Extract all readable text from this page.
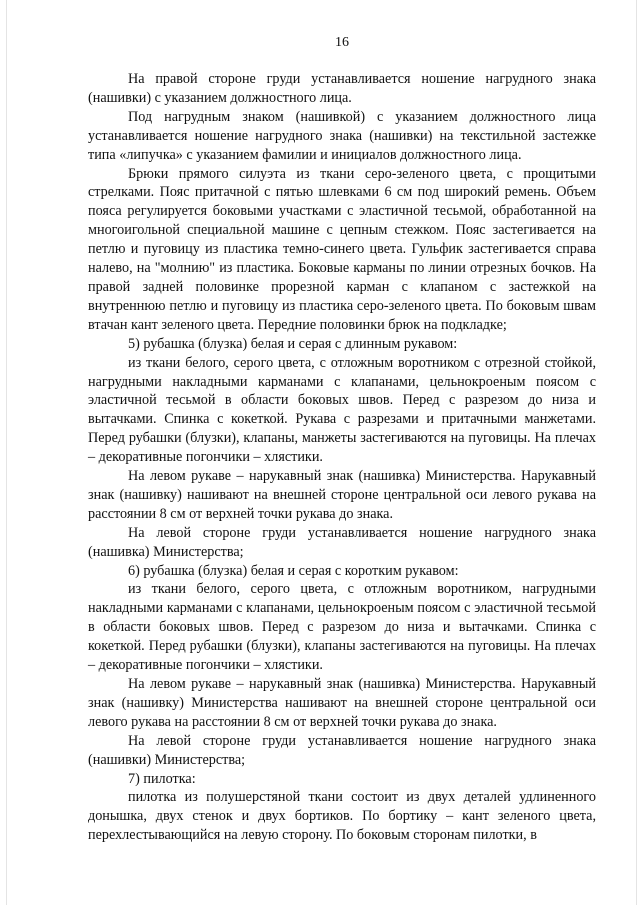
16

На правой стороне груди устанавливается ношение нагрудного знака (нашивки) с указанием должностного лица.

Под нагрудным знаком (нашивкой) с указанием должностного лица устанавливается ношение нагрудного знака (нашивки) на текстильной застежке типа «липучка» с указанием фамилии и инициалов должностного лица.

Брюки прямого силуэта из ткани серо-зеленого цвета, с прощитыми стрелками. Пояс притачной с пятью шлевками 6 см под широкий ремень. Объем пояса регулируется боковыми участками с эластичной тесьмой, обработанной на многоигольной специальной машине с цепным стежком. Пояс застегивается на петлю и пуговицу из пластика темно-синего цвета. Гульфик застегивается справа налево, на "молнию" из пластика. Боковые карманы по линии отрезных бочков. На правой задней половинке прорезной карман с клапаном с застежкой на внутреннюю петлю и пуговицу из пластика серо-зеленого цвета. По боковым швам втачан кант зеленого цвета. Передние половинки брюк на подкладке;

5) рубашка (блузка) белая и серая с длинным рукавом:

из ткани белого, серого цвета, с отложным воротником с отрезной стойкой, нагрудными накладными карманами с клапанами, цельнокроеным поясом с эластичной тесьмой в области боковых швов. Перед с разрезом до низа и вытачками. Спинка с кокеткой. Рукава с разрезами и притачными манжетами. Перед рубашки (блузки), клапаны, манжеты застегиваются на пуговицы. На плечах – декоративные погончики – хлястики.

На левом рукаве – нарукавный знак (нашивка) Министерства. Нарукавный знак (нашивку) нашивают на внешней стороне центральной оси левого рукава на расстоянии 8 см от верхней точки рукава до знака.

На левой стороне груди устанавливается ношение нагрудного знака (нашивка) Министерства;

6) рубашка (блузка) белая и серая с коротким рукавом:

из ткани белого, серого цвета, с отложным воротником, нагрудными накладными карманами с клапанами, цельнокроеным поясом с эластичной тесьмой в области боковых швов. Перед с разрезом до низа и вытачками. Спинка с кокеткой. Перед рубашки (блузки), клапаны застегиваются на пуговицы. На плечах – декоративные погончики – хлястики.

На левом рукаве – нарукавный знак (нашивка) Министерства. Нарукавный знак (нашивку) Министерства нашивают на внешней стороне центральной оси левого рукава на расстоянии 8 см от верхней точки рукава до знака.

На левой стороне груди устанавливается ношение нагрудного знака (нашивки) Министерства;

7) пилотка:

пилотка из полушерстяной ткани состоит из двух деталей удлиненного донышка, двух стенок и двух бортиков. По бортику – кант зеленого цвета, перехлестывающийся на левую сторону. По боковым сторонам пилотки, в
